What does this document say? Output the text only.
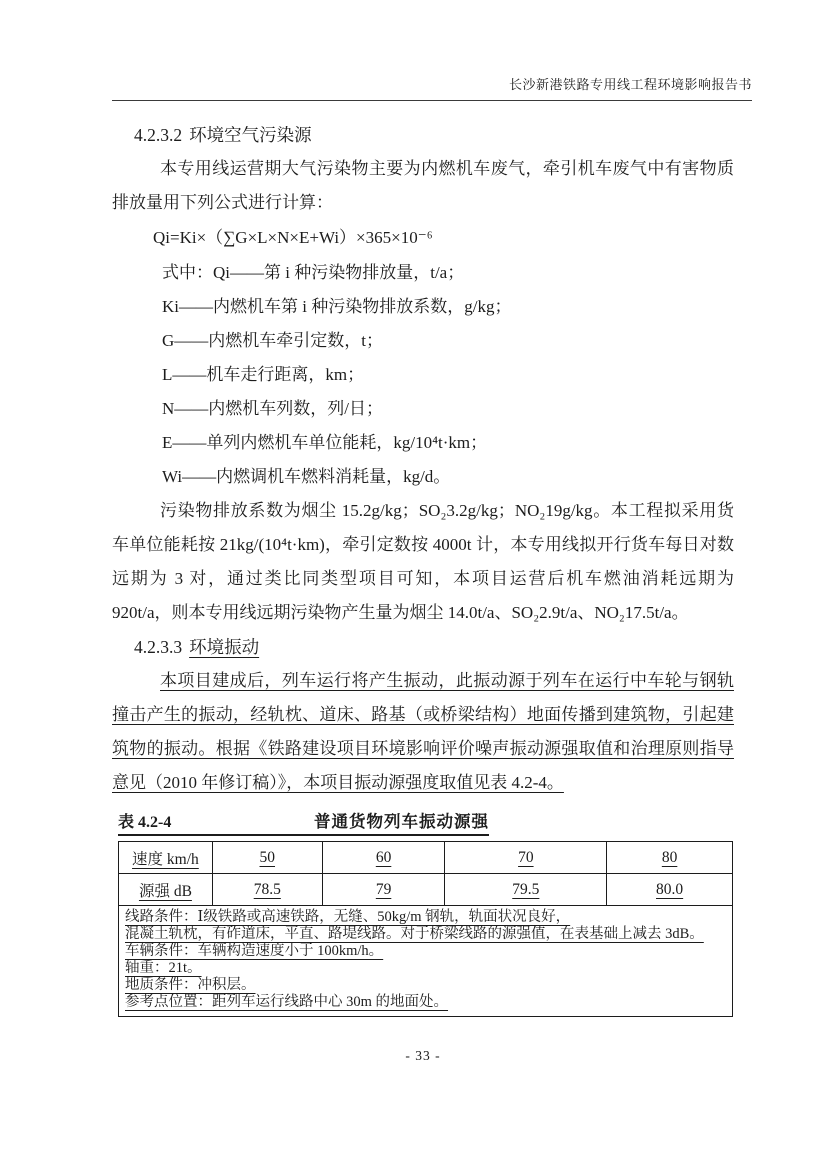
长沙新港铁路专用线工程环境影响报告书
4.2.3.2 环境空气污染源

本专用线运营期大气污染物主要为内燃机车废气，牵引机车废气中有害物质排放量用下列公式进行计算：

Qi=Ki×（∑G×L×N×E+Wi）×365×10⁻⁶
式中：Qi——第 i 种污染物排放量，t/a；
Ki——内燃机车第 i 种污染物排放系数，g/kg；
G——内燃机车牵引定数，t；
L——机车走行距离，km；
N——内燃机车列数，列/日；
E——单列内燃机车单位能耗，kg/10⁴t·km；
Wi——内燃调机车燃料消耗量，kg/d。

污染物排放系数为烟尘 15.2g/kg；SO₂3.2g/kg；NO₂19g/kg。本工程拟采用货车单位能耗按 21kg/(10⁴t·km)，牵引定数按 4000t 计，本专用线拟开行货车每日对数远期为 3 对，通过类比同类型项目可知，本项目运营后机车燃油消耗远期为 920t/a，则本专用线远期污染物产生量为烟尘 14.0t/a、SO₂2.9t/a、NO₂17.5t/a。

4.2.3.3 环境振动

本项目建成后，列车运行将产生振动，此振动源于列车在运行中车轮与钢轨撞击产生的振动，经轨枕、道床、路基（或桥梁结构）地面传播到建筑物，引起建筑物的振动。根据《铁路建设项目环境影响评价噪声振动源强取值和治理原则指导意见（2010 年修订稿）》，本项目振动源强度取值见表 4.2-4。

表 4.2-4	普通货物列车振动源强
速度 km/h	50	60	70	80
源强 dB	78.5	79	79.5	80.0

线路条件：Ⅰ级铁路或高速铁路，无缝、50kg/m 钢轨，轨面状况良好，
混凝土轨枕，有砟道床，平直、路堤线路。对于桥梁线路的源强值，在表基础上减去 3dB。
车辆条件：车辆构造速度小于 100km/h。
轴重：21t。
地质条件：冲积层。
参考点位置：距列车运行线路中心 30m 的地面处。
- 33 -
